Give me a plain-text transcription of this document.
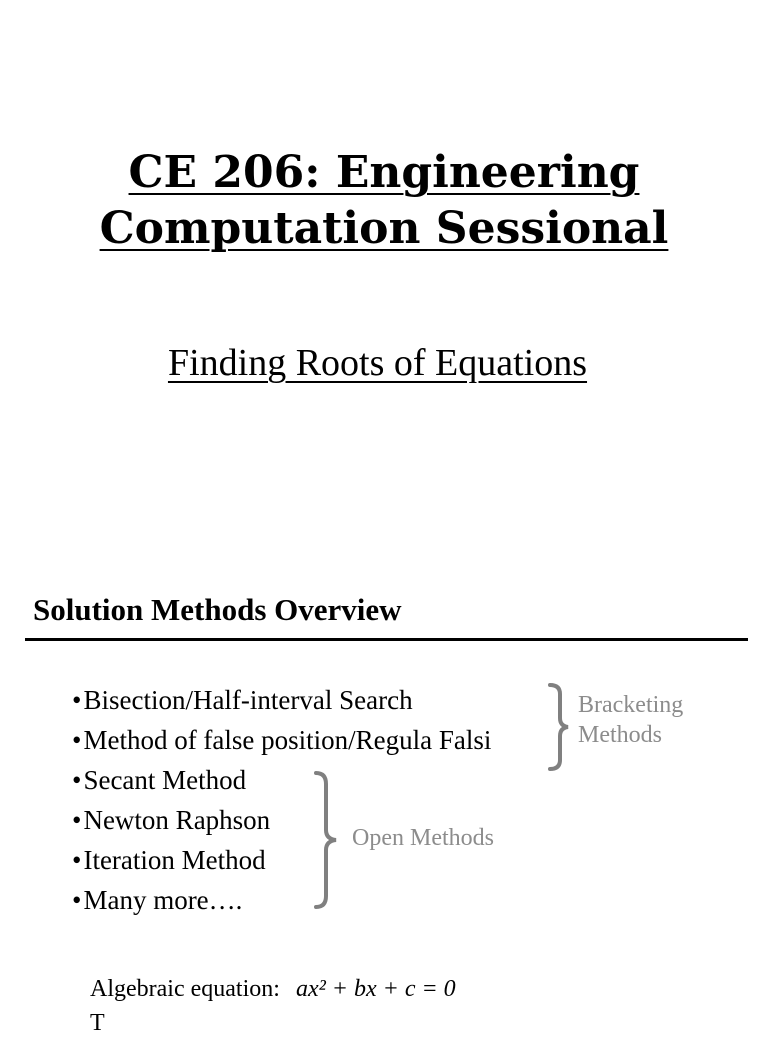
CE 206: Engineering
Computation Sessional
Finding Roots of Equations
Solution Methods Overview
• Bisection/Half-interval Search
• Method of false position/Regula Falsi
• Secant Method
• Newton Raphson
• Iteration Method
• Many more….
Bracketing
Methods
Open Methods
Algebraic equation: ax² + bx + c = 0
T
